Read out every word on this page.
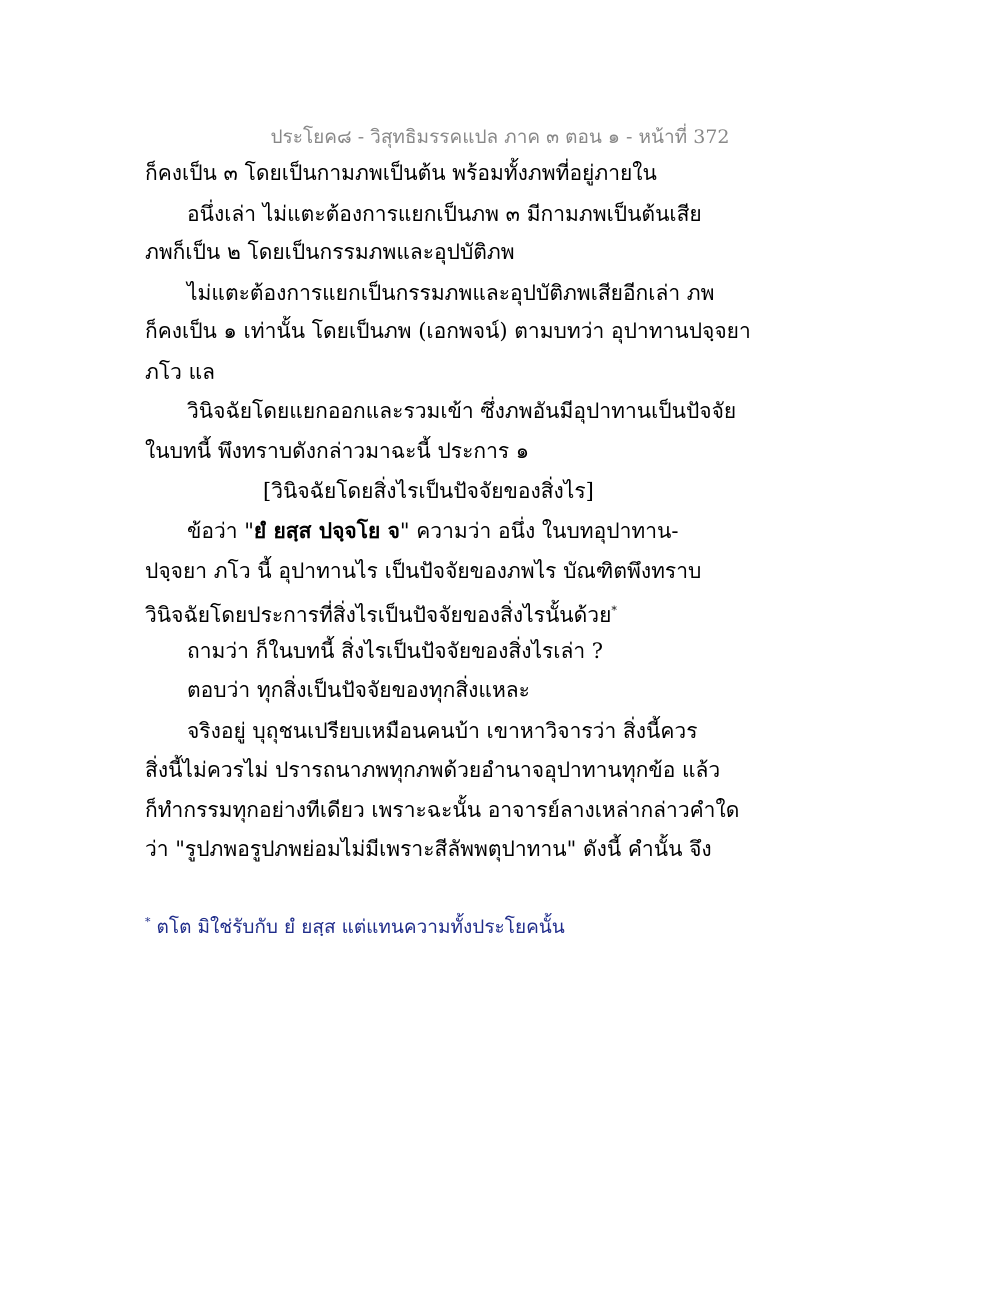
ประโยค๘ - วิสุทธิมรรคแปล ภาค ๓ ตอน ๑ - หน้าที่ 372
ก็คงเป็น ๓ โดยเป็นกามภพเป็นต้น พร้อมทั้งภพที่อยู่ภายใน
อนึ่งเล่า ไม่แตะต้องการแยกเป็นภพ ๓ มีกามภพเป็นต้นเสีย
ภพก็เป็น ๒ โดยเป็นกรรมภพและอุปบัติภพ
ไม่แตะต้องการแยกเป็นกรรมภพและอุปบัติภพเสียอีกเล่า ภพ
ก็คงเป็น ๑ เท่านั้น โดยเป็นภพ (เอกพจน์) ตามบทว่า อุปาทานปจฺจยา
ภโว แล
วินิจฉัยโดยแยกออกและรวมเข้า ซึ่งภพอันมีอุปาทานเป็นปัจจัย
ในบทนี้ พึงทราบดังกล่าวมาฉะนี้ ประการ ๑
[วินิจฉัยโดยสิ่งไรเป็นปัจจัยของสิ่งไร]
ข้อว่า "ยํ ยสฺส ปจฺจโย จ" ความว่า อนึ่ง ในบทอุปาทาน-
ปจฺจยา ภโว นี้ อุปาทานไร เป็นปัจจัยของภพไร บัณฑิตพึงทราบ
วินิจฉัยโดยประการที่สิ่งไรเป็นปัจจัยของสิ่งไรนั้นด้วย*
ถามว่า ก็ในบทนี้ สิ่งไรเป็นปัจจัยของสิ่งไรเล่า ?
ตอบว่า ทุกสิ่งเป็นปัจจัยของทุกสิ่งแหละ
จริงอยู่ บุถุชนเปรียบเหมือนคนบ้า เขาหาวิจารว่า สิ่งนี้ควร
สิ่งนี้ไม่ควรไม่ ปรารถนาภพทุกภพด้วยอำนาจอุปาทานทุกข้อ แล้ว
ก็ทำกรรมทุกอย่างทีเดียว เพราะฉะนั้น อาจารย์ลางเหล่ากล่าวคำใด
ว่า "รูปภพอรูปภพย่อมไม่มีเพราะสีลัพพตุปาทาน" ดังนี้ คำนั้น จึง
* ตโต มิใช่รับกับ ยํ ยสฺส แต่แทนความทั้งประโยคนั้น
